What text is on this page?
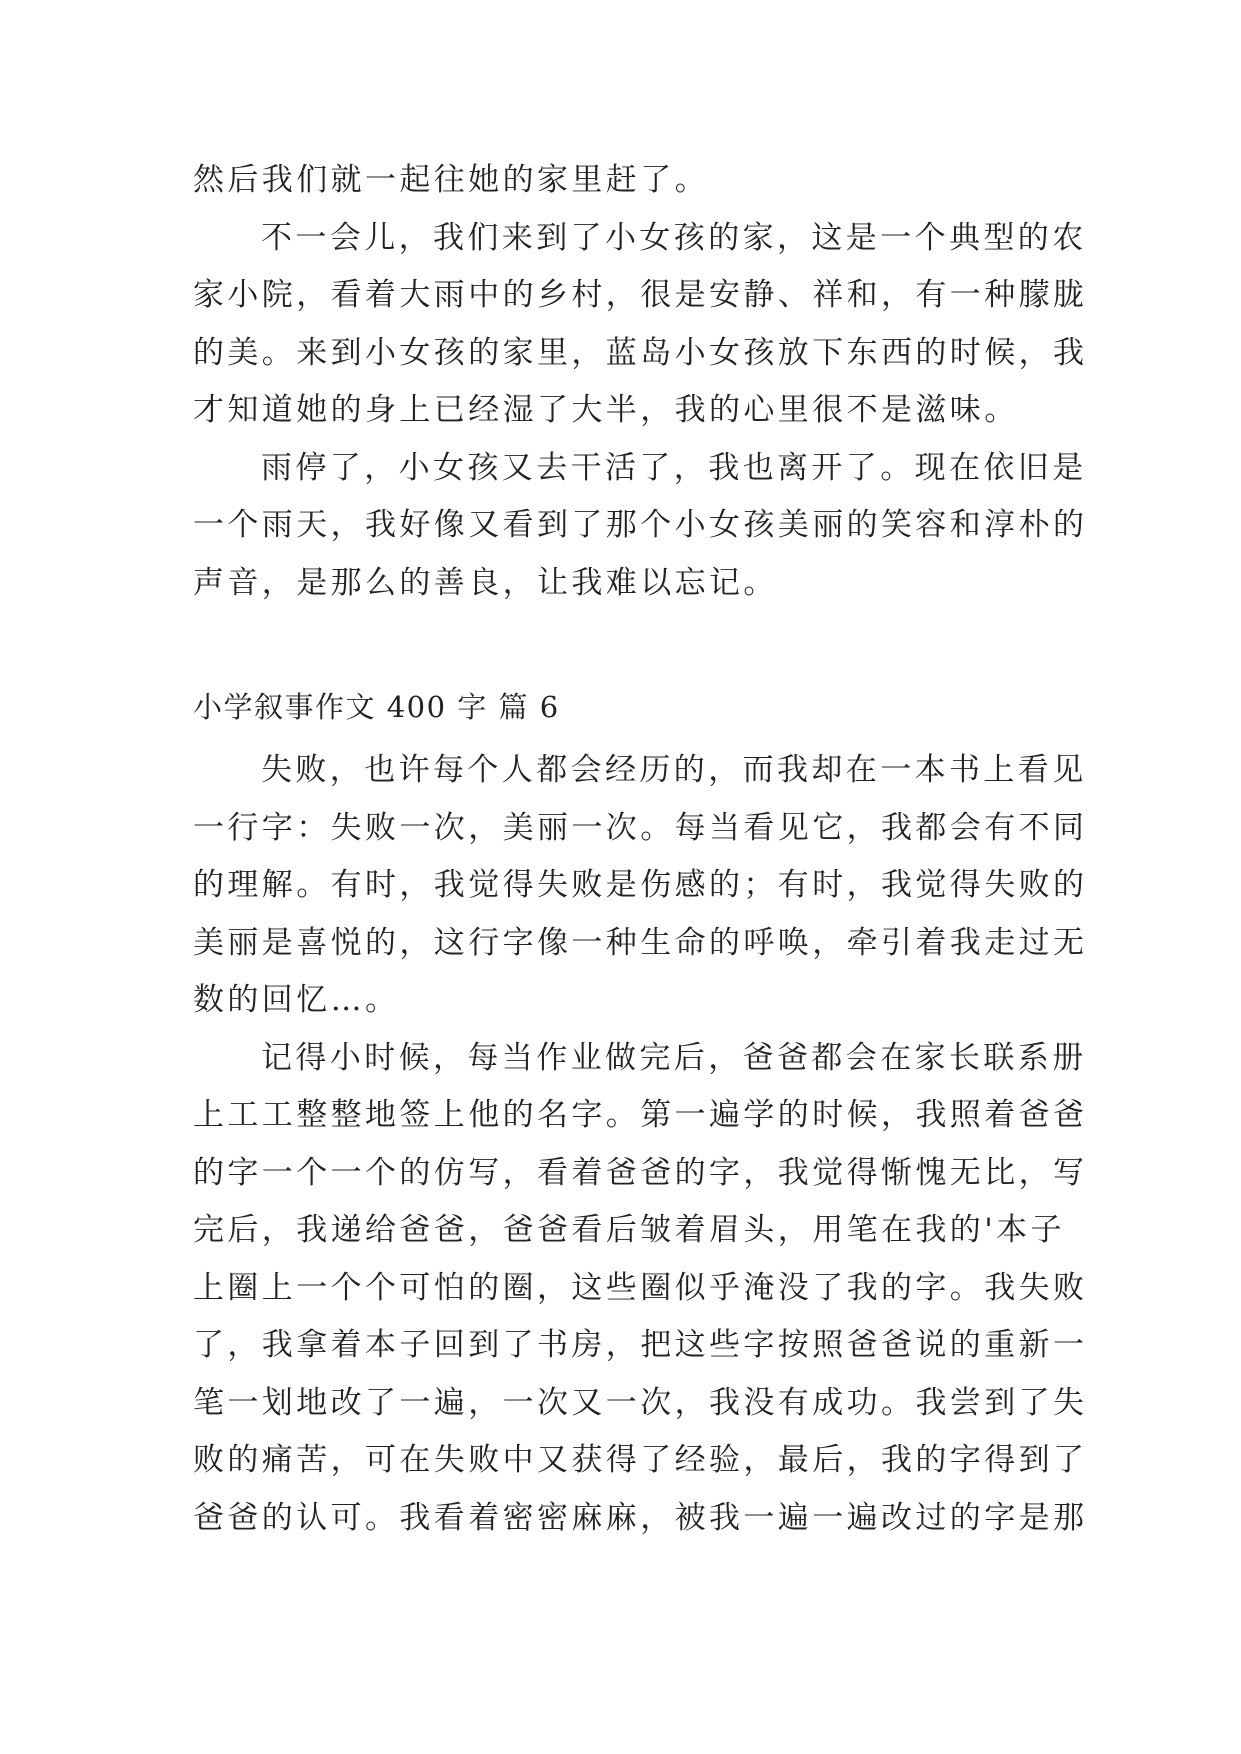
然后我们就一起往她的家里赶了。
不一会儿，我们来到了小女孩的家，这是一个典型的农
家小院，看着大雨中的乡村，很是安静、祥和，有一种朦胧
的美。来到小女孩的家里，蓝岛小女孩放下东西的时候，我
才知道她的身上已经湿了大半，我的心里很不是滋味。
雨停了，小女孩又去干活了，我也离开了。现在依旧是
一个雨天，我好像又看到了那个小女孩美丽的笑容和淳朴的
声音，是那么的善良，让我难以忘记。
小学叙事作文 400 字 篇 6
失败，也许每个人都会经历的，而我却在一本书上看见
一行字：失败一次，美丽一次。每当看见它，我都会有不同
的理解。有时，我觉得失败是伤感的；有时，我觉得失败的
美丽是喜悦的，这行字像一种生命的呼唤，牵引着我走过无
数的回忆…。
记得小时候，每当作业做完后，爸爸都会在家长联系册
上工工整整地签上他的名字。第一遍学的时候，我照着爸爸
的字一个一个的仿写，看着爸爸的字，我觉得惭愧无比，写
完后，我递给爸爸，爸爸看后皱着眉头，用笔在我的'本子
上圈上一个个可怕的圈，这些圈似乎淹没了我的字。我失败
了，我拿着本子回到了书房，把这些字按照爸爸说的重新一
笔一划地改了一遍，一次又一次，我没有成功。我尝到了失
败的痛苦，可在失败中又获得了经验，最后，我的字得到了
爸爸的认可。我看着密密麻麻，被我一遍一遍改过的字是那
